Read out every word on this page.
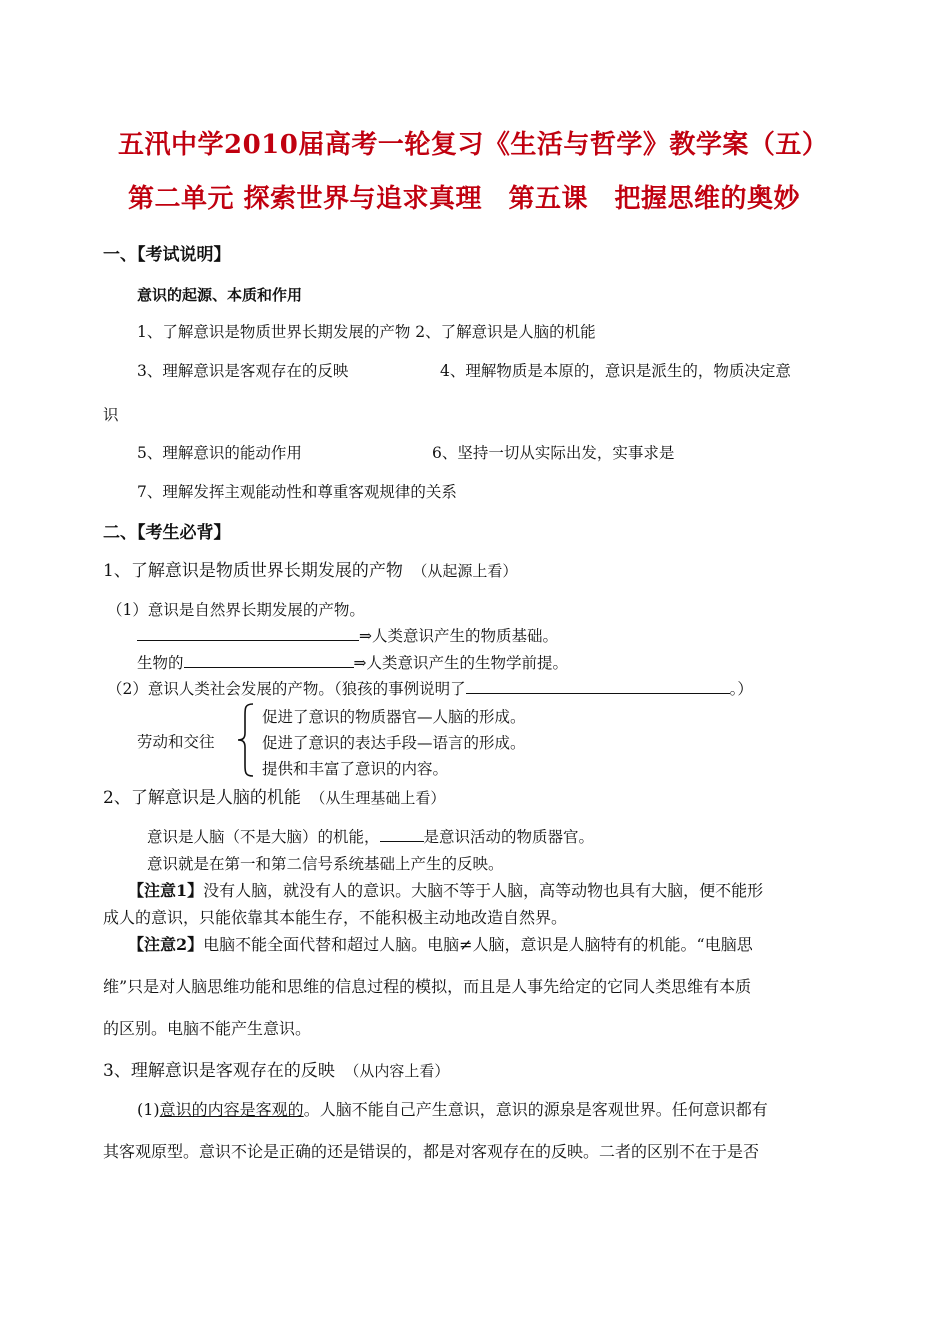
五汛中学2010届高考一轮复习《生活与哲学》教学案（五）
第二单元 探索世界与追求真理　第五课　把握思维的奥妙
一、【考试说明】
意识的起源、本质和作用
1、了解意识是物质世界长期发展的产物 2、了解意识是人脑的机能
3、理解意识是客观存在的反映	4、理解物质是本原的，意识是派生的，物质决定意
识
5、理解意识的能动作用	6、坚持一切从实际出发，实事求是
7、理解发挥主观能动性和尊重客观规律的关系
二、【考生必背】
1、了解意识是物质世界长期发展的产物　 （从起源上看）
（1）意识是自然界长期发展的产物。
⇒人类意识产生的物质基础。
生物的	⇒人类意识产生的生物学前提。
（2）意识人类社会发展的产物。（狼孩的事例说明了	。）
劳动和交往
促进了意识的物质器官—人脑的形成。
促进了意识的表达手段—语言的形成。
提供和丰富了意识的内容。
2、了解意识是人脑的机能　 （从生理基础上看）
意识是人脑（不是大脑）的机能，	是意识活动的物质器官。
意识就是在第一和第二信号系统基础上产生的反映。
【注意1】没有人脑，就没有人的意识。大脑不等于人脑，高等动物也具有大脑，便不能形
成人的意识，只能依靠其本能生存，不能积极主动地改造自然界。
【注意2】电脑不能全面代替和超过人脑。电脑≠人脑，意识是人脑特有的机能。“电脑思
维”只是对人脑思维功能和思维的信息过程的模拟，而且是人事先给定的它同人类思维有本质
的区别。电脑不能产生意识。
3、理解意识是客观存在的反映　 （从内容上看）
(1)意识的内容是客观的。人脑不能自己产生意识，意识的源泉是客观世界。任何意识都有
其客观原型。意识不论是正确的还是错误的，都是对客观存在的反映。二者的区别不在于是否
